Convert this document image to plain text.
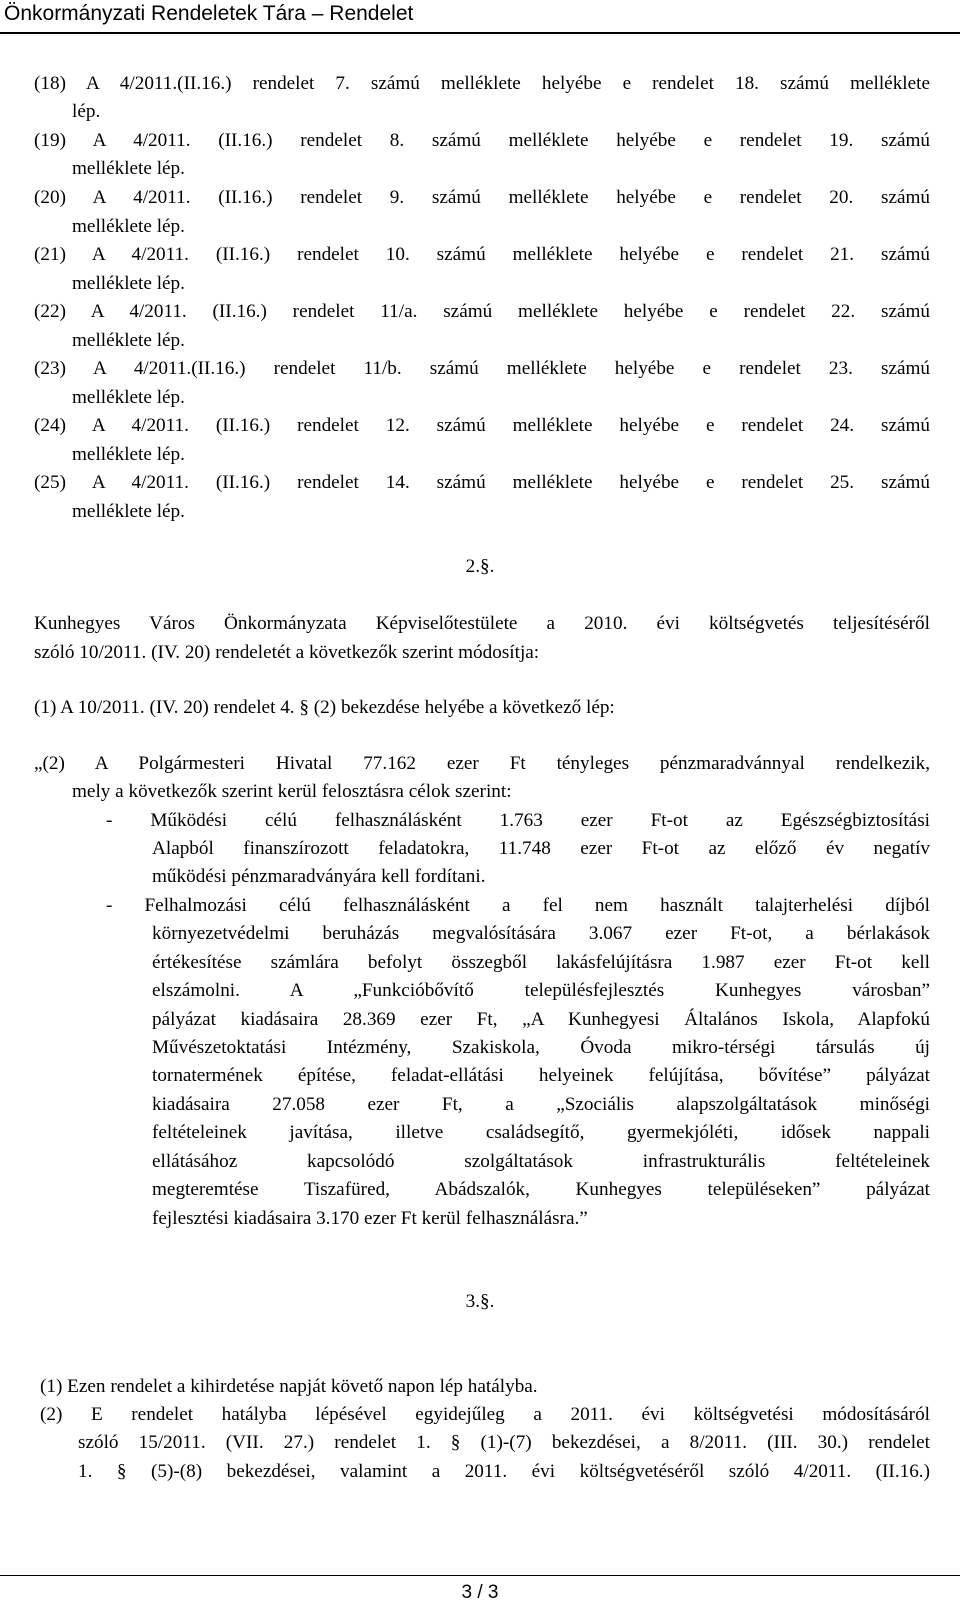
Önkormányzati Rendeletek Tára – Rendelet
(18) A 4/2011.(II.16.) rendelet 7. számú melléklete helyébe e rendelet 18. számú melléklete
lép.
(19) A 4/2011. (II.16.) rendelet 8. számú melléklete helyébe e rendelet 19. számú
melléklete lép.
(20) A 4/2011. (II.16.) rendelet 9. számú melléklete helyébe e rendelet 20. számú
melléklete lép.
(21) A 4/2011. (II.16.) rendelet 10. számú melléklete helyébe e rendelet 21. számú
melléklete lép.
(22) A 4/2011. (II.16.) rendelet 11/a. számú melléklete helyébe e rendelet 22. számú
melléklete lép.
(23) A 4/2011.(II.16.) rendelet 11/b. számú melléklete helyébe e rendelet 23. számú
melléklete lép.
(24) A 4/2011. (II.16.) rendelet 12. számú melléklete helyébe e rendelet 24. számú
melléklete lép.
(25) A 4/2011. (II.16.) rendelet 14. számú melléklete helyébe e rendelet 25. számú
melléklete lép.
2.§.
Kunhegyes Város Önkormányzata Képviselőtestülete a 2010. évi költségvetés teljesítéséről
szóló 10/2011. (IV. 20) rendeletét a következők szerint módosítja:
(1) A 10/2011. (IV. 20) rendelet 4. § (2) bekezdése helyébe a következő lép:
„(2) A Polgármesteri Hivatal 77.162 ezer Ft tényleges pénzmaradvánnyal rendelkezik,
mely a következők szerint kerül felosztásra célok szerint:
- Működési célú felhasználásként 1.763 ezer Ft-ot az Egészségbiztosítási
Alapból finanszírozott feladatokra, 11.748 ezer Ft-ot az előző év negatív
működési pénzmaradványára kell fordítani.
- Felhalmozási célú felhasználásként a fel nem használt talajterhelési díjból
környezetvédelmi beruházás megvalósítására 3.067 ezer Ft-ot, a bérlakások
értékesítése számlára befolyt összegből lakásfelújításra 1.987 ezer Ft-ot kell
elszámolni. A „Funkcióbővítő településfejlesztés Kunhegyes városban”
pályázat kiadásaira 28.369 ezer Ft, „A Kunhegyesi Általános Iskola, Alapfokú
Művészetoktatási Intézmény, Szakiskola, Óvoda mikro-térségi társulás új
tornatermének építése, feladat-ellátási helyeinek felújítása, bővítése” pályázat
kiadásaira 27.058 ezer Ft, a „Szociális alapszolgáltatások minőségi
feltételeinek javítása, illetve családsegítő, gyermekjóléti, idősek nappali
ellátásához kapcsolódó szolgáltatások infrastrukturális feltételeinek
megteremtése Tiszafüred, Abádszalók, Kunhegyes településeken” pályázat
fejlesztési kiadásaira 3.170 ezer Ft kerül felhasználásra.”
3.§.
(1) Ezen rendelet a kihirdetése napját követő napon lép hatályba.
(2) E rendelet hatályba lépésével egyidejűleg a 2011. évi költségvetési módosításáról
szóló 15/2011. (VII. 27.) rendelet 1. § (1)-(7) bekezdései, a 8/2011. (III. 30.) rendelet
1. § (5)-(8) bekezdései, valamint a 2011. évi költségvetéséről szóló 4/2011. (II.16.)
3 / 3
